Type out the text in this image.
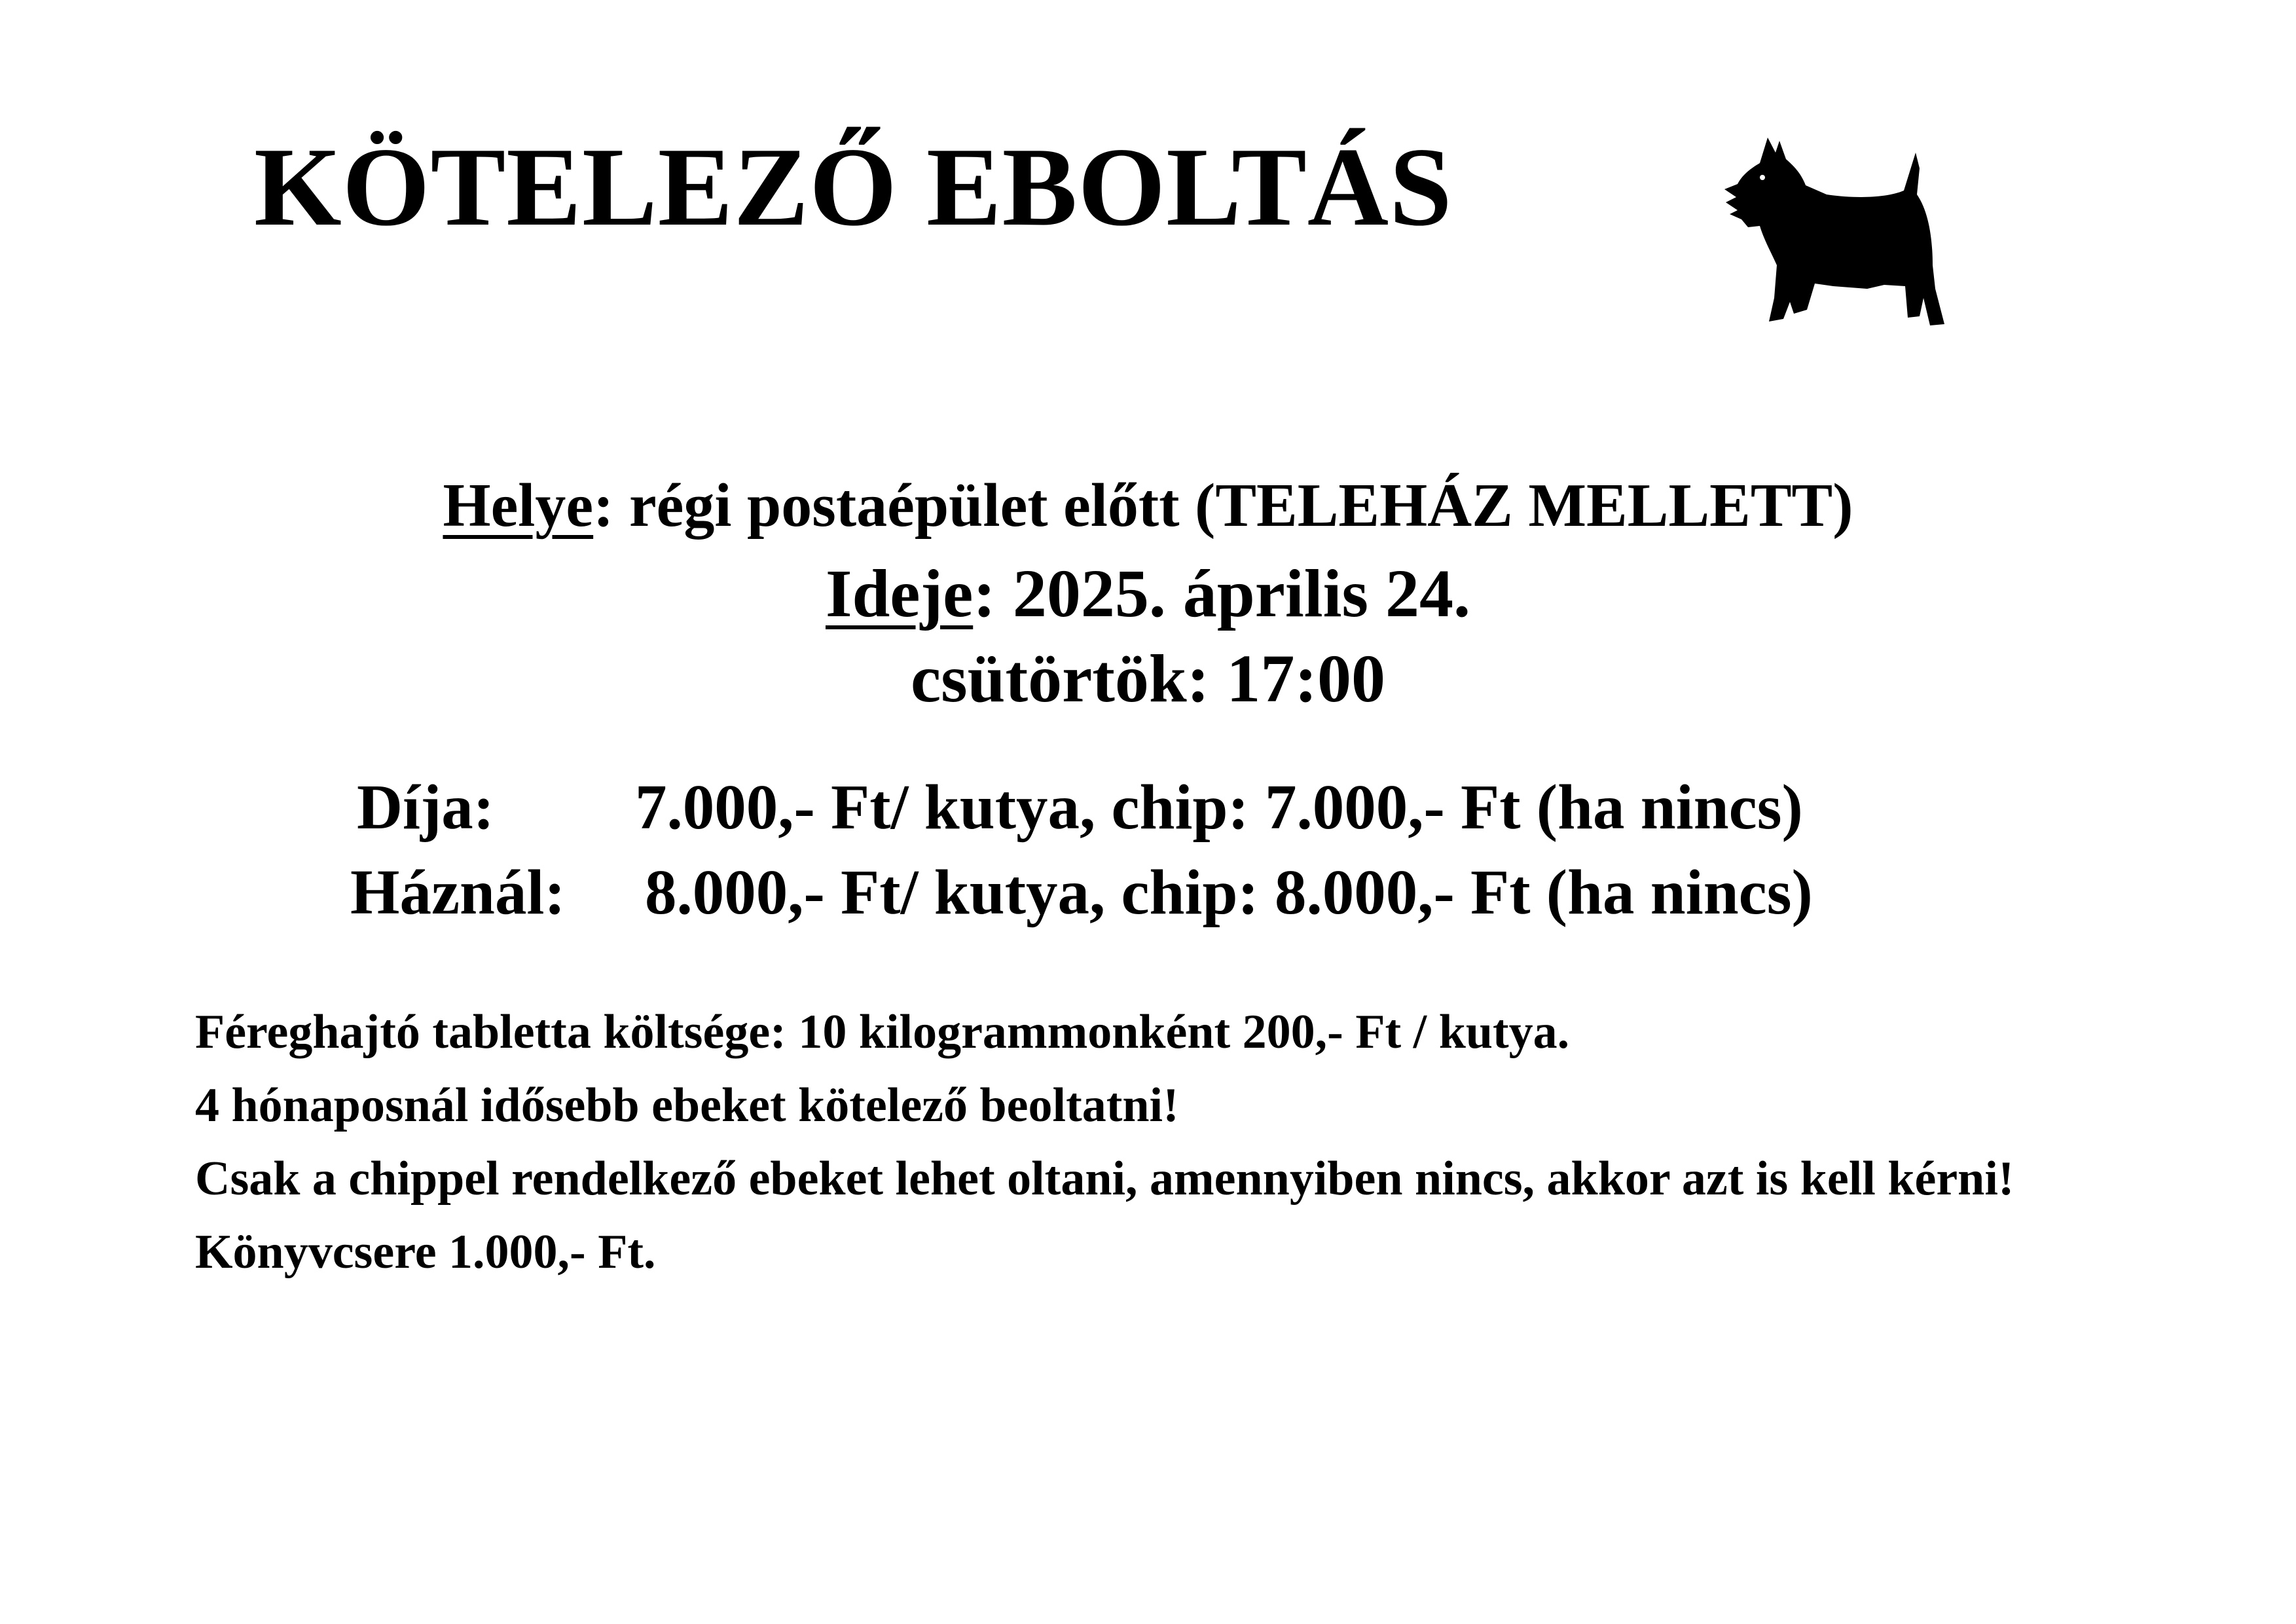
KÖTELEZŐ EBOLTÁS
Helye: régi postaépület előtt (TELEHÁZ MELLETT)
Ideje: 2025. április 24.
csütörtök: 17:00
Díja: 7.000,- Ft/ kutya, chip: 7.000,- Ft (ha nincs)
Háznál: 8.000,- Ft/ kutya, chip: 8.000,- Ft (ha nincs)

Féreghajtó tabletta költsége: 10 kilogrammonként 200,- Ft / kutya.

4 hónaposnál idősebb ebeket kötelező beoltatni!

Csak a chippel rendelkező ebeket lehet oltani, amennyiben nincs, akkor azt is kell kérni!

Könyvcsere 1.000,- Ft.
